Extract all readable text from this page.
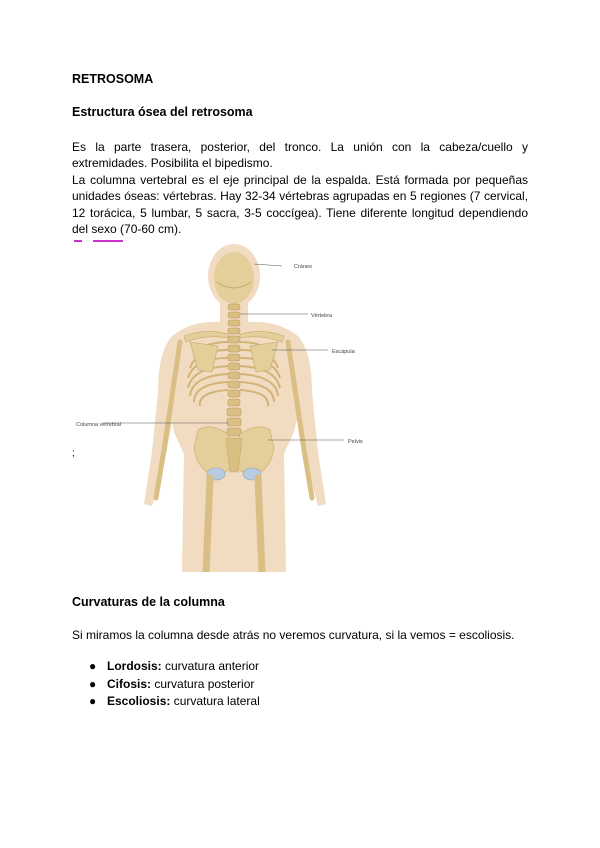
RETROSOMA
Estructura ósea del retrosoma

Es la parte trasera, posterior, del tronco. La unión con la cabeza/cuello y extremidades. Posibilita el bipedismo.

La columna vertebral es el eje principal de la espalda. Está formada por pequeñas unidades óseas: vértebras. Hay 32-34 vértebras agrupadas en 5 regiones (7 cervical, 12 torácica, 5 lumbar, 5 sacra, 3-5 coccígea). Tiene diferente longitud dependiendo del sexo (70-60 cm).

Cráneo
Vértebra
Escápula
Columna vertebral
Pelvis
;
Curvaturas de la columna
Si miramos la columna desde atrás no veremos curvatura, si la vemos = escoliosis.
● Lordosis: curvatura anterior
● Cifosis: curvatura posterior
● Escoliosis: curvatura lateral
